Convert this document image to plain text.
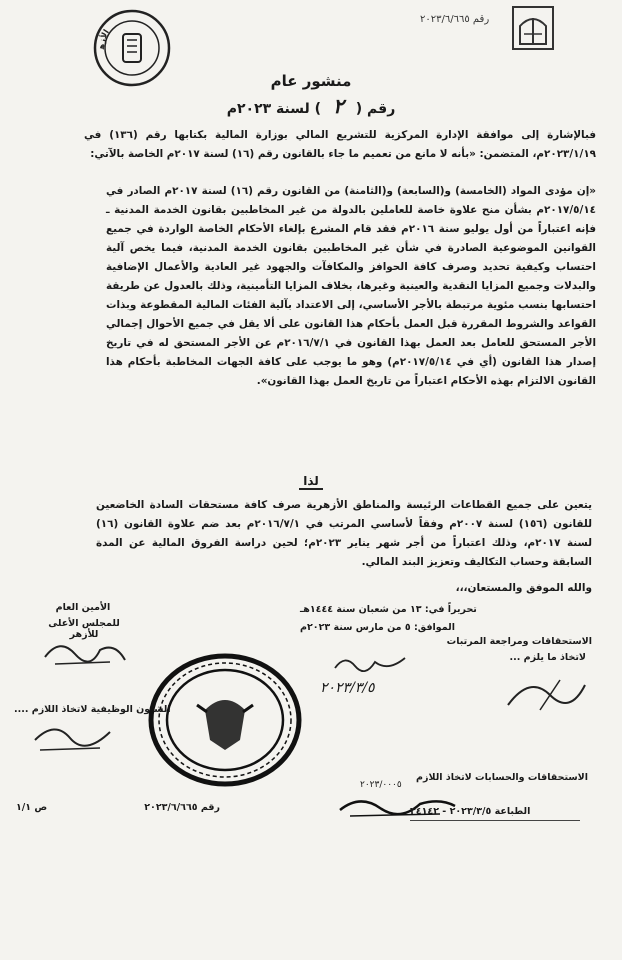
رقم ٢٠٢٣/٦/٦٦٥
الأزهر
منشور عام
رقم (٢) لسنة ٢٠٢٣م
فبالإشارة إلى موافقة الإدارة المركزية للتشريع المالي بوزارة المالية بكتابها رقم (١٣٦) في ٢٠٢٣/١/١٩م، المتضمن: «بأنه لا مانع من تعميم ما جاء بالقانون رقم (١٦) لسنة ٢٠١٧م الخاصة بالآتي:
«إن مؤدى المواد (الخامسة) و(السابعة) و(الثامنة) من القانون رقم (١٦) لسنة ٢٠١٧م الصادر في ٢٠١٧/٥/١٤م بشأن منح علاوة خاصة للعاملين بالدولة من غير المخاطبين بقانون الخدمة المدنية ـ فإنه اعتباراً من أول يوليو سنة ٢٠١٦م فقد قام المشرع بإلغاء الأحكام الخاصة الواردة في جميع القوانين الموضوعية الصادرة في شأن غير المخاطبين بقانون الخدمة المدنية، فيما يخص آلية احتساب وكيفية تحديد وصرف كافة الحوافز والمكافآت والجهود غير العادية والأعمال الإضافية والبدلات وجميع المزايا النقدية والعينية وغيرها، بخلاف المزايا التأمينية، وذلك بالعدول عن طريقة احتسابها بنسب مئوية مرتبطة بالأجر الأساسي، إلى الاعتداد بآلية الفئات المالية المقطوعة وبذات القواعد والشروط المقررة قبل العمل بأحكام هذا القانون على ألا يقل في جميع الأحوال إجمالي الأجر المستحق للعامل بعد العمل بهذا القانون في ٢٠١٦/٧/١م عن الأجر المستحق له في تاريخ إصدار هذا القانون (أي في ٢٠١٧/٥/١٤م) وهو ما يوجب على كافة الجهات المخاطبة بأحكام هذا القانون الالتزام بهذه الأحكام اعتباراً من تاريخ العمل بهذا القانون».
لذا
يتعين على جميع القطاعات الرئيسة والمناطق الأزهرية صرف كافة مستحقات السادة الخاضعين للقانون (١٥٦) لسنة ٢٠٠٧م وفقاً لأساسي المرتب في ٢٠١٦/٧/١م بعد ضم علاوة القانون (١٦) لسنة ٢٠١٧م، وذلك اعتباراً من أجر شهر يناير ٢٠٢٣م؛ لحين دراسة الفروق المالية عن المدة السابقة وحساب التكاليف وتعزيز البند المالي.
والله الموفق والمستعان،،،
الأمين العام
للمجلس الأعلى للأزهر
تحريراً في: ١٣ من شعبان سنة ١٤٤٤هـ
الموافق: ٥ من مارس سنة ٢٠٢٣م
الاستحقاقات ومراجعة المرتبات
لاتخاذ ما يلزم ...
٢٠٢٣/٣/٥
الشئون الوظيفية لاتخاذ اللازم ....
الاستحقاقات والحسابات لاتخاذ اللازم
٢٠٢٣/٠٠٠٥
رقم ٢٠٢٣/٦/٦٦٥
ص ١/١	الطباعة ٢٠٢٣/٣/٥ - ٣٤١٤٢
